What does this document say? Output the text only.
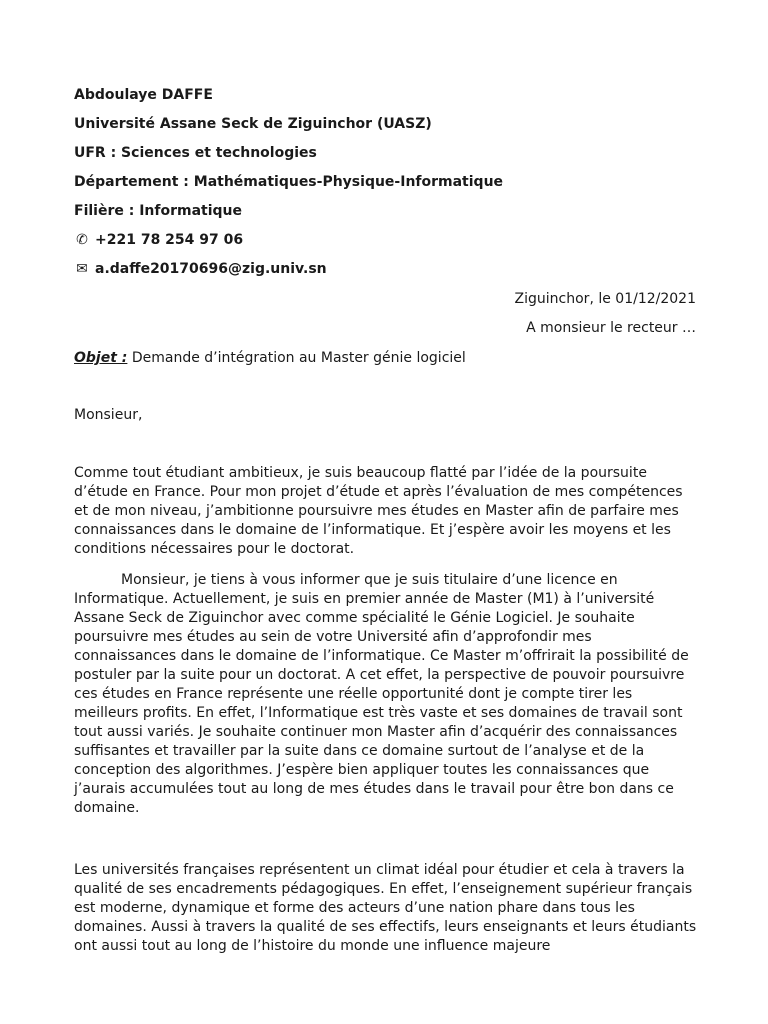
Abdoulaye DAFFE
Université Assane Seck de Ziguinchor (UASZ)
UFR : Sciences et technologies
Département : Mathématiques-Physique-Informatique
Filière : Informatique
✆ +221 78 254 97 06
✉ a.daffe20170696@zig.univ.sn
Ziguinchor, le 01/12/2021
A monsieur le recteur …
Objet : Demande d’intégration au Master génie logiciel
Monsieur,

Comme tout étudiant ambitieux, je suis beaucoup flatté par l’idée de la poursuite d’étude en France. Pour mon projet d’étude et après l’évaluation de mes compétences et de mon niveau, j’ambitionne poursuivre mes études en Master afin de parfaire mes connaissances dans le domaine de l’informatique. Et j’espère avoir les moyens et les conditions nécessaires pour le doctorat.

Monsieur, je tiens à vous informer que je suis titulaire d’une licence en Informatique. Actuellement, je suis en premier année de Master (M1) à l’université Assane Seck de Ziguinchor avec comme spécialité le Génie Logiciel. Je souhaite poursuivre mes études au sein de votre Université afin d’approfondir mes connaissances dans le domaine de l’informatique. Ce Master m’offrirait la possibilité de postuler par la suite pour un doctorat. A cet effet, la perspective de pouvoir poursuivre ces études en France représente une réelle opportunité dont je compte tirer les meilleurs profits. En effet, l’Informatique est très vaste et ses domaines de travail sont tout aussi variés. Je souhaite continuer mon Master afin d’acquérir des connaissances suffisantes et travailler par la suite dans ce domaine surtout de l’analyse et de la conception des algorithmes. J’espère bien appliquer toutes les connaissances que j’aurais accumulées tout au long de mes études dans le travail pour être bon dans ce domaine.

Les universités françaises représentent un climat idéal pour étudier et cela à travers la qualité de ses encadrements pédagogiques. En effet, l’enseignement supérieur français est moderne, dynamique et forme des acteurs d’une nation phare dans tous les domaines. Aussi à travers la qualité de ses effectifs, leurs enseignants et leurs étudiants ont aussi tout au long de l’histoire du monde une influence majeure
